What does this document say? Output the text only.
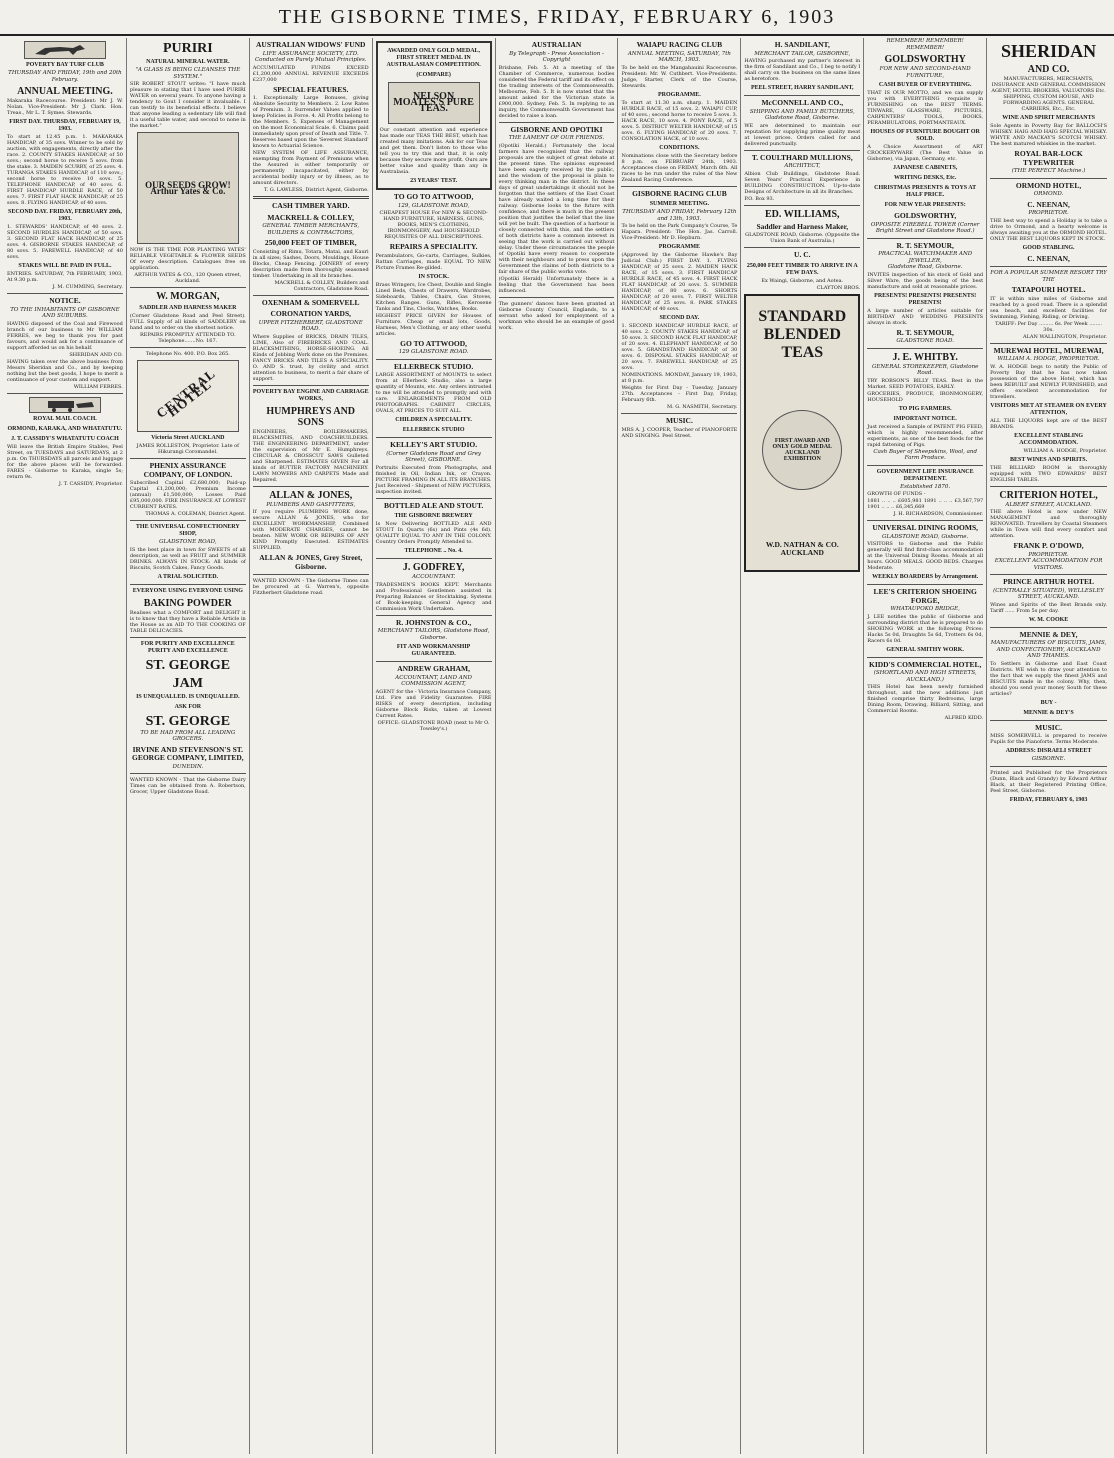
THE GISBORNE TIMES, FRIDAY, FEBRUARY 6, 1903
POVERTY BAY TURF CLUB
THURSDAY AND FRIDAY, 19th and 20th February.
ANNUAL MEETING.
Makaraka Racecourse. President: Mr J. W. Nolan. Vice-President: Mr J. Clark. Hon. Treas., Mr L. T. Symes. Stewards.
FIRST DAY. THURSDAY, FEBRUARY 19, 1903.
To start at 12.45 p.m. 1. MAKARAKA HANDICAP, of 35 sovs. Winner to be sold by auction, with engagements, directly after the race. 2. COUNTY STAKES HANDICAP, of 50 sovs.; second horse to receive 5 sovs. from the stake. 3. MAIDEN SCURRY, of 25 sovs. 4. TURANGA STAKES HANDICAP, of 110 sovs.; second horse to receive 10 sovs. 5. TELEPHONE HANDICAP, of 40 sovs. 6. FIRST HANDICAP HURDLE RACE, of 50 sovs. 7. FIRST FLAT HACK HANDICAP, of 25 sovs. 8. FLYING HANDICAP, of 40 sovs.
SECOND DAY. FRIDAY, FEBRUARY 20th, 1903.
1. STEWARDS' HANDICAP, of 40 sovs. 2. SECOND HURDLES HANDICAP, of 50 sovs. 3. SECOND FLAT HACK HANDICAP, of 25 sovs. 4. GISBORNE STAKES HANDICAP, of 80 sovs. 5. FAREWELL HANDICAP, of 40 sovs.
STAKES WILL BE PAID IN FULL.
ENTRIES. SATURDAY, 7th FEBRUARY, 1903, At 9.30 p.m.
J. M. CUMMING, Secretary.
NOTICE.
TO THE INHABITANTS OF GISBORNE AND SUBURBS.
HAVING disposed of the Coal and Firewood branch of our business to Mr WILLIAM FERRES, we beg to thank you for past favours, and would ask for a continuance of support afforded us on his behalf.
SHERIDAN AND CO.
HAVING taken over the above business from Messrs Sheridan and Co., and by keeping nothing but the best goods, I hope to merit a continuance of your custom and support.
WILLIAM FERRES.
ROYAL MAIL COACH.
ORMOND, KARAKA, AND WHATATUTU.
J. T. CASSIDY'S WHATATUTU COACH
Will leave the British Empire Stables, Peel Street, on TUESDAYS and SATURDAYS, at 2 p.m. On THURSDAYS all parcels and luggage for the above places will be forwarded. FARES - Gisborne to Karaka, single 5s; return 9s.
J. T. CASSIDY, Proprietor.
PURIRI
NATURAL MINERAL WATER.
"A GLASS IS BEING CLEANSES THE SYSTEM."
SIR ROBERT STOUT writes: "I have much pleasure in stating that I have used PURIRI WATER on several years. To anyone having a tendency to Gout I consider it invaluable. I can testify to its beneficial effects. I believe that anyone leading a sedentary life will find it a useful table water, and second to none in the market."
OUR SEEDS GROW! Arthur Yates & Co.
NOW IS THE TIME FOR PLANTING YATES' RELIABLE VEGETABLE & FLOWER SEEDS Of every description. Catalogues free on application.
ARTHUR YATES & CO., 120 Queen street, Auckland.
W. MORGAN,
SADDLER AND HARNESS MAKER
(Corner Gladstone Road and Peel Street). FULL Supply of all kinds of SADDLERY on hand and to order on the shortest notice.
REPAIRS PROMPTLY ATTENDED TO. Telephone.......No. 167.
Telephone No. 400. P.O. Box 265.
CENTRAL HOTEL
Victoria Street AUCKLAND
JAMES ROLLESTON, Proprietor. Late of Hikurangi Coromandel.
PHENIX ASSURANCE COMPANY, OF LONDON.
Subscribed Capital £2,680,000; Paid-up Capital £1,200,000; Premium Income (annual) £1,500,000; Losses Paid £95,000,000. FIRE INSURANCE AT LOWEST CURRENT RATES.
THOMAS A. COLEMAN, District Agent.
THE UNIVERSAL CONFECTIONERY SHOP,
GLADSTONE ROAD,
IS the best place in town for SWEETS of all description, as well as FRUIT and SUMMER DRINKS. ALWAYS IN STOCK: All kinds of Biscuits, Scotch Cakes, Fancy Goods.
A TRIAL SOLICITED.
EVERYONE USING EVERYONE USING
BAKING POWDER
Realises what a COMFORT and DELIGHT it is to know that they have a Reliable Article in the House as an AID TO THE COOKING OF TABLE DELICACIES.
FOR PURITY AND EXCELLENCE PURITY AND EXCELLENCE
ST. GEORGE
JAM
IS UNEQUALLED. IS UNEQUALLED.
ASK FOR
ST. GEORGE
TO BE HAD FROM ALL LEADING GROCERS.
IRVINE AND STEVENSON'S ST. GEORGE COMPANY, LIMITED,
DUNEDIN.
WANTED KNOWN - That the Gisborne Dairy Times can be obtained from A. Robertson, Grocer, Upper Gladstone Road.
AUSTRALIAN WIDOWS' FUND
LIFE ASSURANCE SOCIETY, LTD. Conducted on Purely Mutual Principles.
ACCUMULATED FUNDS EXCEED £1,200,000 ANNUAL REVENUE EXCEEDS £237,000
SPECIAL FEATURES.
1. Exceptionally Large Bonuses, giving Absolute Security to Members. 2. Low Rates of Premium. 3. Surrender Values applied to keep Policies in Force. 4. All Profits belong to the Members. 5. Expenses of Management on the most Economical Scale. 6. Claims paid immediately upon proof of Death and Title. 7. Reserves based upon the 'Severest Standard' known to Actuarial Science.
NEW SYSTEM OF LIFE ASSURANCE, exempting from Payment of Premiums when the Assured is either temporarily or permanently incapacitated, either by accidental bodily injury or by illness, as to amount directors.
T. G. LAWLESS, District Agent, Gisborne.
CASH TIMBER YARD.
MACKRELL & COLLEY,
GENERAL TIMBER MERCHANTS, BUILDERS & CONTRACTORS,
250,000 FEET OF TIMBER,
Consisting of Rimu, Totara, Matai, and Kauri in all sizes; Sashes, Doors, Mouldings, House Blocks, Cheap Fencing. JOINERY of every description made from thoroughly seasoned timber. Undertaking in all its branches.
MACKRELL & COLLEY, Builders and Contractors, Gladstone Road.
OXENHAM & SOMERVELL
CORONATION YARDS,
UPPER FITZHERBERT, GLADSTONE ROAD.
Where Supplies of BRICKS, DRAIN TILES, LIME, Also of FIREBRICKS AND COAL. BLACKSMITHING, HORSE-SHOEING. All Kinds of Jobbing Work done on the Premises. FANCY BRICKS AND TILES A SPECIALITY. O. AND S. trust, by civility and strict attention to business, to merit a fair share of support.
POVERTY BAY ENGINE AND CARRIAGE WORKS,
HUMPHREYS AND SONS
ENGINEERS, BOILERMAKERS, BLACKSMITHS, AND COACHBUILDERS. THE ENGINEERING DEPARTMENT, under the supervision of Mr E. Humphreys. CIRCULAR & CROSSCUT SAWS Gulleted and Sharpened. ESTIMATES GIVEN For all kinds of BUTTER FACTORY MACHINERY. LAWN MOWERS AND CARPETS Made and Repaired.
ALLAN & JONES,
PLUMBERS AND GASFITTERS,
If you require PLUMBING WORK done, secure ALLAN & JONES, who for EXCELLENT WORKMANSHIP, Combined with MODERATE CHARGES, cannot be beaten. NEW WORK OR REPAIRS OF ANY KIND Promptly Executed. ESTIMATES SUPPLIED.
ALLAN & JONES, Grey Street, Gisborne.
WANTED KNOWN - The Gisborne Times can be procured at G. Warren's, opposite Fitzherbert Gladstone road.
AWARDED ONLY GOLD MEDAL, FIRST STREET MEDAL IN AUSTRALASIAN COMPETITION.
(COMPARE)
NELSON MOATES'S PURE TEAS.
Our constant attention and experience has made our TEAS THE BEST, which has created many imitations. Ask for our Teas and get them. Don't listen to those who tell you to try this and that, it is only because they secure more profit. Ours are better value and quality than any in Australasia.
23 YEARS' TEST.
TO GO TO ATTWOOD,
129, GLADSTONE ROAD,
CHEAPEST HOUSE For NEW & SECOND-HAND FURNITURE, HARNESS, GUNS, BOOKS, MEN'S CLOTHING, IRONMONGERY, And HOUSEHOLD REQUISITES OF ALL DESCRIPTIONS.
REPAIRS A SPECIALITY.
Perambulators, Go-carts, Carriages, Sulkies, Rattan Carriages, made EQUAL TO NEW. Picture Frames Re-gilded.
IN STOCK.
Brass Wringers, Ice Chest, Double and Single Lined Beds, Chests of Drawers, Wardrobes, Sideboards, Tables, Chairs, Gas Stoves, Kitchen Ranges. Guns, Rifles, Kerosene Tanks and Tins, Clocks, Watches, Books.
HIGHEST PRICE GIVEN for Houses of Furniture. Cheap or small lots, Goods, Harness, Men's Clothing, or any other useful articles.
GO TO ATTWOOD,
129 GLADSTONE ROAD.
ELLERBECK STUDIO.
LARGE ASSORTMENT of MOUNTS to select from at Ellerbeck Studio, also a large quantity of Mounts, etc. Any orders intrusted to me will be attended to promptly and with care. ENLARGEMENTS FROM OLD PHOTOGRAPHS. CABINET CIRCLES, OVALS, AT PRICES TO SUIT ALL.
CHILDREN A SPECIALITY.
ELLERBECK STUDIO
KELLEY'S ART STUDIO.
(Corner Gladstone Road and Grey Street), GISBORNE.
Portraits Executed from Photographs, and finished in Oil, Indian Ink, or Crayon. PICTURE FRAMING IN ALL ITS BRANCHES. Just Received - Shipment of NEW PICTURES, inspection invited.
BOTTLED ALE AND STOUT.
THE GISBORNE BREWERY
Is Now Delivering BOTTLED ALE AND STOUT In Quarts (6s) and Pints (4s 6d). QUALITY EQUAL TO ANY IN THE COLONY. Country Orders Promptly Attended to.
TELEPHONE .. No. 4.
J. GODFREY,
ACCOUNTANT.
TRADESMEN'S BOOKS KEPT. Merchants and Professional Gentlemen assisted in Preparing Balances or Stocktaking. Systems of Book-keeping. General Agency and Commission Work Undertaken.
R. JOHNSTON & CO.,
MERCHANT TAILORS, Gladstone Road, Gisborne.
FIT AND WORKMANSHIP GUARANTEED.
ANDREW GRAHAM,
ACCOUNTANT, LAND AND COMMISSION AGENT,
AGENT for the - Victoria Insurance Company, Ltd. Fire and Fidelity Guarantee. FIRE RISKS of every description, including Gisborne Block Risks, taken at Lowest Current Rates.
OFFICE: GLADSTONE ROAD (next to Mr O. Towsley's.)
AUSTRALIAN
By Telegraph - Press Association - Copyright
Brisbane, Feb. 5. At a meeting of the Chamber of Commerce, numerous bodies considered the Federal tariff and its effect on the trading interests of the Commonwealth. Melbourne, Feb. 5. It is now stated that the amount asked for the Victorian state is £900,000. Sydney, Feb. 5. In replying to an inquiry, the Commonwealth Government has decided to raise a loan.
GISBORNE AND OPOTIKI
THE LAMENT OF OUR FRIENDS.
(Opotiki Herald.) Fortunately the local farmers have recognised that the railway proposals are the subject of great debate at the present time. The opinions expressed have been eagerly received by the public, and the wisdom of the proposal is plain to every thinking man in the district. In these days of great undertakings it should not be forgotten that the settlers of the East Coast have already waited a long time for their railway. Gisborne looks to the future with confidence, and there is much in the present position that justifies the belief that the line will yet be built. The question of a harbour is closely connected with this, and the settlers of both districts have a common interest in seeing that the work is carried out without delay. Under these circumstances the people of Opotiki have every reason to cooperate with their neighbours and to press upon the Government the claims of both districts to a fair share of the public works vote.
(Opotiki Herald) Unfortunately there is a feeling that the Government has been influenced.
The gunners' dances have been granted at Gisborne County Council, Englands, to a servant who asked for employment of a workman who should be an example of good work.
WAIAPU RACING CLUB
ANNUAL MEETING, SATURDAY, 7th MARCH, 1903.
To be held on the Mangahauini Racecourse. President: Mr. W. Cuthbert. Vice-Presidents. Judge, Starter, Clerk of the Course, Stewards.
PROGRAMME.
To start at 11.30 a.m. sharp. 1. MAIDEN HURDLE RACE, of 15 sovs. 2. WAIAPU CUP, of 40 sovs.; second horse to receive 5 sovs. 3. HACK RACE, 10 sovs. 4. PONY RACE, of 5 sovs. 5. DISTRICT WELTER HANDICAP, of 15 sovs. 6. FLYING HANDICAP, of 20 sovs. 7. CONSOLATION HACK, of 10 sovs.
CONDITIONS.
Nominations close with the Secretary before 8 p.m. on FEBRUARY 24th, 1903. Acceptances close on FRIDAY, March 6th. All races to be run under the rules of the New Zealand Racing Conference.
GISBORNE RACING CLUB
SUMMER MEETING.
THURSDAY AND FRIDAY, February 12th and 13th, 1903.
To be held on the Park Company's Course, Te Hapara. President: The Hon. Jas. Carroll. Vice-President: Mr D. Hepburn.
PROGRAMME
(Approved by the Gisborne Hawke's Bay Judicial Club.) FIRST DAY. 1. FLYING HANDICAP, of 25 sovs. 2. MAIDEN HACK RACE, of 15 sovs. 3. FIRST HANDICAP HURDLE RACE, of 45 sovs. 4. FIRST HACK FLAT HANDICAP, of 20 sovs. 5. SUMMER HANDICAP, of 80 sovs. 6. SHORTS HANDICAP, of 20 sovs. 7. FIRST WELTER HANDICAP, of 25 sovs. 8. PARK STAKES HANDICAP, of 40 sovs.
SECOND DAY.
1. SECOND HANDICAP HURDLE RACE, of 40 sovs. 2. COUNTY STAKES HANDICAP, of 50 sovs. 3. SECOND HACK FLAT HANDICAP, of 20 sovs. 4. ELEPHANT HANDICAP, of 50 sovs. 5. GRANDSTAND HANDICAP, of 30 sovs. 6. DISPOSAL STAKES HANDICAP, of 20 sovs. 7. FAREWELL HANDICAP, of 25 sovs.
NOMINATIONS. MONDAY, January 19, 1903, at 8 p.m.
Weights for First Day - Tuesday, January 27th. Acceptances - First Day, Friday, February 6th.
M. G. NASMITH, Secretary.
MUSIC.
MRS A. J. COOPER, Teacher of PIANOFORTE AND SINGING. Peel Street.
H. SANDILANT,
MERCHANT TAILOR, GISBORNE,
HAVING purchased my partner's interest in the firm of Sandilant and Co., I beg to notify I shall carry on the business on the same lines as heretofore.
PEEL STREET, HARRY SANDILANT,
McCONNELL AND CO.,
SHIPPING AND FAMILY BUTCHERS, Gladstone Road, Gisborne.
WE are determined to maintain our reputation for supplying prime quality meat at lowest prices. Orders called for and delivered punctually.
T. COULTHARD MULLIONS,
ARCHITECT,
Albion Club Buildings, Gladstone Road. Seven Years' Practical Experience in BUILDING CONSTRUCTION. Up-to-date Designs of Architecture in all its Branches.
P.O. Box 93.
ED. WILLIAMS,
Saddler and Harness Maker,
GLADSTONE ROAD, Gisborne. (Opposite the Union Bank of Australia.)
U. C.
250,000 FEET TIMBER TO ARRIVE IN A FEW DAYS.
Ex Waingi, Gisborne, and Aotea.
CLAYTON BROS.
STANDARD BLENDED TEAS
FIRST AWARD AND ONLY GOLD MEDAL AUCKLAND EXHIBITION
W.D. NATHAN & CO. AUCKLAND
REMEMBER! REMEMBER!
REMEMBER!
GOLDSWORTHY
FOR NEW AND SECOND-HAND FURNITURE,
CASH BUYER OF EVERYTHING.
THAT IS OUR MOTTO, and we can supply you with EVERYTHING requisite in FURNISHING on the BEST TERMS. TINWARE, GLASSWARE, PICTURES, CARPENTERS' TOOLS, BOOKS, PERAMBULATORS, PORTMANTEAUX.
HOUSES OF FURNITURE BOUGHT OR SOLD.
A Choice Assortment of ART CROCKERYWARE (The Best Value in Gisborne), via Japan, Germany, etc.
JAPANESE CABINETS,
WRITING DESKS, Etc.
CHRISTMAS PRESENTS & TOYS AT HALF PRICE.
FOR NEW YEAR PRESENTS:
GOLDSWORTHY,
OPPOSITE FIREBELL TOWER (Corner Bright Street and Gladstone Road.)
R. T. SEYMOUR,
PRACTICAL WATCHMAKER AND JEWELLER,
Gladstone Road, Gisborne.
INVITES inspection of his stock of Gold and Silver Ware, the goods being of the best manufacture and sold at reasonable prices.
PRESENTS! PRESENTS! PRESENTS! PRESENTS!
A large number of articles suitable for BIRTHDAY AND WEDDING PRESENTS always in stock.
R. T. SEYMOUR,
GLADSTONE ROAD.
J. E. WHITBY.
GENERAL STOREKEEPER, Gladstone Road.
TRY ROBSON'S BILLY TEAS. Best in the Market. SEED POTATOES, EARLY.
GROCERIES, PRODUCE, IRONMONGERY, HOUSEHOLD
TO PIG FARMERS.
IMPORTANT NOTICE.
Just received a Sample of PATENT PIG FEED, which is highly recommended, after experiments, as one of the best foods for the rapid fattening of Pigs.
Cash Buyer of Sheepskins, Wool, and Farm Produce.
GOVERNMENT LIFE INSURANCE DEPARTMENT.
Established 1870.
GROWTH OF FUNDS -
1881 .. .. .. £605,981 1891 .. .. .. £3,567,797 1901 .. .. .. £6,345,669
J. H. RICHARDSON, Commissioner.
UNIVERSAL DINING ROOMS,
GLADSTONE ROAD, Gisborne.
VISITORS to Gisborne and the Public generally will find first-class accommodation at the Universal Dining Rooms. Meals at all hours. GOOD MEALS. GOOD BEDS. Charges Moderate.
WEEKLY BOARDERS by Arrangement.
LEE'S CRITERION SHOEING FORGE,
WHATAUPOKO BRIDGE,
J. LEE notifies the public of Gisborne and surrounding district that he is prepared to do SHOEING WORK at the following Prices: Hacks 5s 0d, Draughts 5s 6d, Trotters 6s 0d, Racers 6s 0d.
GENERAL SMITHY WORK.
KIDD'S COMMERCIAL HOTEL,
(SHORTLAND AND HIGH STREETS, AUCKLAND.)
THIS Hotel has been newly furnished throughout, and the new additions just finished comprise thirty Bedrooms, large Dining Room, Drawing, Billiard, Sitting, and Commercial Rooms.
ALFRED KIDD.
SHERIDAN
AND CO.
MANUFACTURERS, MERCHANTS, INSURANCE AND GENERAL COMMISSION AGENT, HOTEL BROKERS, VALUATORS Etc. SHIPPING, CUSTOM HOUSE, AND FORWARDING AGENTS. GENERAL CARRIERS, Etc., Etc.
WINE AND SPIRIT MERCHANTS
Sole Agents in Poverty Bay for BALLOCH'S WHISKY. HAIG AND HAIG SPECIAL WHISKY. WHYTE AND MACKAY'S SCOTCH WHISKY. The best matured whiskies in the market.
ROYAL BAR-LOCK TYPEWRITER
(THE PERFECT Machine.)
ORMOND HOTEL,
ORMOND.
C. NEENAN,
PROPRIETOR.
THE best way to spend a Holiday is to take a drive to Ormond, and a hearty welcome is always awaiting you at the ORMOND HOTEL. ONLY THE BEST LIQUORS KEPT IN STOCK.
GOOD STABLING.
C. NEENAN,
FOR A POPULAR SUMMER RESORT TRY THE
TATAPOURI HOTEL.
IT is within nine miles of Gisborne and reached by a good road. There is a splendid sea beach, and excellent facilities for Swimming, Fishing, Riding, or Driving.
TARIFF: Per Day ......... 6s. Per Week ........ 30s.
ALAN WALLINGTON, Proprietor.
MUREWAI HOTEL, MUREWAI,
WILLIAM A. HODGE, PROPRIETOR.
W. A. HODGE begs to notify the Public of Poverty Bay that he has now taken possession of the above Hotel, which has been REBUILT and NEWLY FURNISHED, and offers excellent accommodation for travellers.
VISITORS MET AT STEAMER ON EVERY ATTENTION,
ALL THE LIQUORS kept are of the BEST BRANDS.
EXCELLENT STABLING ACCOMMODATION.
WILLIAM A. HODGE, Proprietor.
BEST WINES AND SPIRITS.
THE BILLIARD ROOM is thoroughly equipped with TWO EDWARDS' BEST ENGLISH TABLES.
CRITERION HOTEL,
ALBERT STREET, AUCKLAND.
THE above Hotel is now under NEW MANAGEMENT and thoroughly RENOVATED. Travellers by Coastal Steamers while in Town will find every comfort and attention.
FRANK P. O'DOWD,
PROPRIETOR.
EXCELLENT ACCOMMODATION FOR VISITORS.
PRINCE ARTHUR HOTEL
(CENTRALLY SITUATED), WELLESLEY STREET, AUCKLAND.
Wines and Spirits of the Best Brands only. Tariff ...... From 5s per day.
W. M. COOKE
MENNIE & DEY,
MANUFACTURERS OF BISCUITS, JAMS, AND CONFECTIONERY, AUCKLAND AND THAMES.
To Settlers in Gisborne and East Coast Districts. WE wish to draw your attention to the fact that we supply the finest JAMS and BISCUITS made in the colony. Why, then, should you send your money South for these articles?
BUY -
MENNIE & DEY'S
MUSIC.
MISS SOMERVELL is prepared to receive Pupils for the Pianoforte. Terms Moderate.
ADDRESS: DISRAELI STREET
GISBORNE.
Printed and Published for the Proprietors (Dunn, Black and Grandy) by Edward Arthur Black, at their Registered Printing Office, Peel Street, Gisborne.
FRIDAY, FEBRUARY 6, 1903
